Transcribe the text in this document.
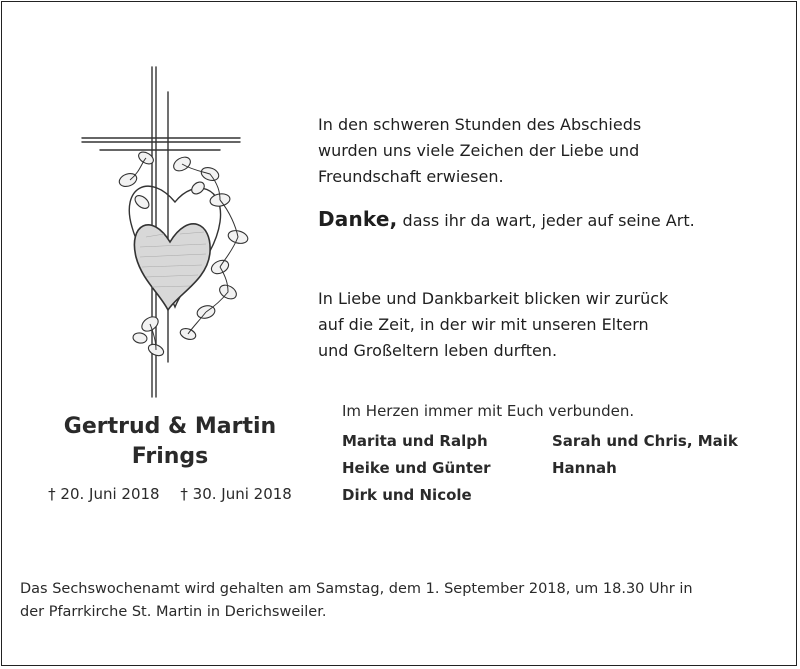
In den schweren Stunden des Abschieds
wurden uns viele Zeichen der Liebe und
Freundschaft erwiesen.
Danke, dass ihr da wart, jeder auf seine Art.
In Liebe und Dankbarkeit blicken wir zurück
auf die Zeit, in der wir mit unseren Eltern
und Großeltern leben durften.
Gertrud & Martin
Frings
† 20. Juni 2018 † 30. Juni 2018
Im Herzen immer mit Euch verbunden.
Marita und Ralph
Heike und Günter
Dirk und Nicole
Sarah und Chris, Maik
Hannah
Das Sechswochenamt wird gehalten am Samstag, dem 1. September 2018, um 18.30 Uhr in
der Pfarrkirche St. Martin in Derichsweiler.
